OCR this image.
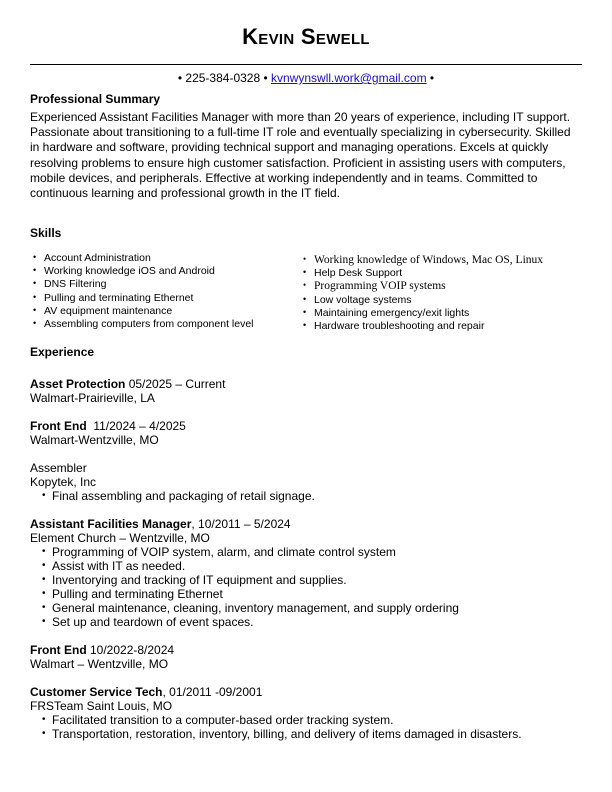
Kevin Sewell
• 225-384-0328 • kvnwynswll.work@gmail.com •
Professional Summary

Experienced Assistant Facilities Manager with more than 20 years of experience, including IT support. Passionate about transitioning to a full-time IT role and eventually specializing in cybersecurity. Skilled in hardware and software, providing technical support and managing operations. Excels at quickly resolving problems to ensure high customer satisfaction. Proficient in assisting users with computers, mobile devices, and peripherals. Effective at working independently and in teams. Committed to continuous learning and professional growth in the IT field.

Skills
• Account Administration
• Working knowledge iOS and Android
• DNS Filtering
• Pulling and terminating Ethernet
• AV equipment maintenance
• Assembling computers from component level
• Working knowledge of Windows, Mac OS, Linux
• Help Desk Support
• Programming VOIP systems
• Low voltage systems
• Maintaining emergency/exit lights
• Hardware troubleshooting and repair
Experience
Asset Protection 05/2025 – Current
Walmart-Prairieville, LA
Front End  11/2024 – 4/2025
Walmart-Wentzville, MO
Assembler
Kopytek, Inc
• Final assembling and packaging of retail signage.
Assistant Facilities Manager, 10/2011 – 5/2024
Element Church – Wentzville, MO
• Programming of VOIP system, alarm, and climate control system
• Assist with IT as needed.
• Inventorying and tracking of IT equipment and supplies.
• Pulling and terminating Ethernet
• General maintenance, cleaning, inventory management, and supply ordering
• Set up and teardown of event spaces.
Front End 10/2022-8/2024
Walmart – Wentzville, MO
Customer Service Tech, 01/2011 -09/2001
FRSTeam Saint Louis, MO
• Facilitated transition to a computer-based order tracking system.
• Transportation, restoration, inventory, billing, and delivery of items damaged in disasters.
